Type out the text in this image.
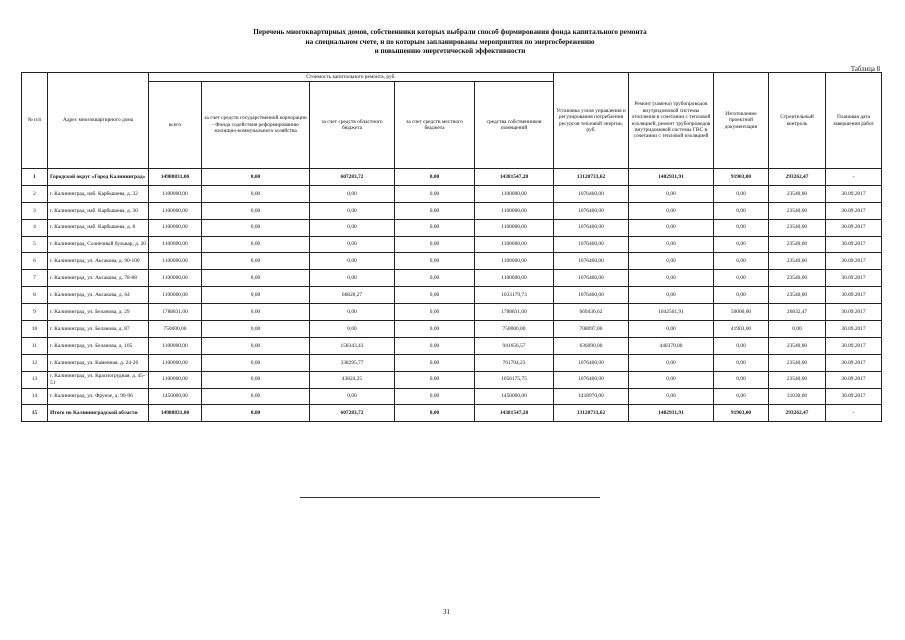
Перечень многоквартирных домов, собственники которых выбрали способ формирования фонда капитального ремонта
на специальном счете, и по которым запланированы мероприятия по энергосбережению
и повышению энергетической эффективности
Таблица 8
№ п/п	Адрес многоквартирного дома	Стоимость капитального ремонта, руб.					Установка узлов управления и регулирования потребления ресурсов тепловой энергии, руб.	Ремонт (замена) трубопроводов внутридомовой системы отопления в сочетании с тепловой изоляцией, ремонт трубопроводов внутридомовой системы ГВС в сочетании с тепловой изоляцией	Изготовление проектной документации	Строительный контроль	Плановая дата завершения работ
		всего	за счет средств государственной корпорации - Фонда содействия реформированию жилищно-коммунального хозяйства	за счет средств областного бюджета	за счет средств местного бюджета	средства собственников помещений					
1	Городской округ «Город Калининград»	14988831,00	0,00	607283,72	0,00	14381547,28	13120733,62	1482931,91	91903,00	293262,47	-
2	г. Калининград, наб. Карбышева, д. 32	1100000,00	0,00	0,00	0,00	1100000,00	1076460,00	0,00	0,00	23540,00	30.09.2017
3	г. Калининград, наб. Карбышева, д. 30	1100000,00	0,00	0,00	0,00	1100000,00	1076460,00	0,00	0,00	23540,00	30.09.2017
4	г. Калининград, наб. Карбышева, д. 8	1100000,00	0,00	0,00	0,00	1100000,00	1076460,00	0,00	0,00	23540,00	30.09.2017
5	г. Калининград, Солнечный бульвар, д. 20	1100000,00	0,00	0,00	0,00	1100000,00	1076460,00	0,00	0,00	23540,00	30.09.2017
6	г. Калининград, ул. Аксакова, д. 90-100	1100000,00	0,00	0,00	0,00	1100000,00	1076460,00	0,00	0,00	23540,00	30.09.2017
7	г. Калининград, ул. Аксакова, д. 78-88	1100000,00	0,00	0,00	0,00	1100000,00	1076460,00	0,00	0,00	23540,00	30.09.2017
8	г. Калининград, ул. Аксакова, д. 64	1100000,00	0,00	66820,27	0,00	1033179,73	1076460,00	0,00	0,00	23540,00	30.09.2017
9	г. Калининград, ул. Беланова, д. 29	1788831,00	0,00	0,00	0,00	1788831,00	669436,62	1042561,91	50000,00	26832,47	30.09.2017
10	г. Калининград, ул. Беланова, д. 87	750000,00	0,00	0,00	0,00	750000,00	708097,00	0,00	41903,00	0,00	30.09.2017
11	г. Калининград, ул. Беланова, д. 105	1100000,00	0,00	158343,43	0,00	941656,57	636090,00	440370,00	0,00	23540,00	30.09.2017
12	г. Калининград, ул. Каменная, д. 24-26	1100000,00	0,00	338295,77	0,00	761704,23	1076460,00	0,00	0,00	23540,00	30.09.2017
13	г. Калининград, ул. Красногрудная, д. 45-51	1100000,00	0,00	43824,25	0,00	1056175,75	1076460,00	0,00	0,00	23540,00	30.09.2017
14	г. Калининград, ул. Фрунзе, д. 90-96	1450000,00	0,00	0,00	0,00	1450000,00	1418970,00	0,00	0,00	31030,00	30.09.2017
15	Итого по Калининградской области	14988831,00	0,00	607283,72	0,00	14381547,28	13120733,62	1482931,91	91903,00	293262,47	-
31
